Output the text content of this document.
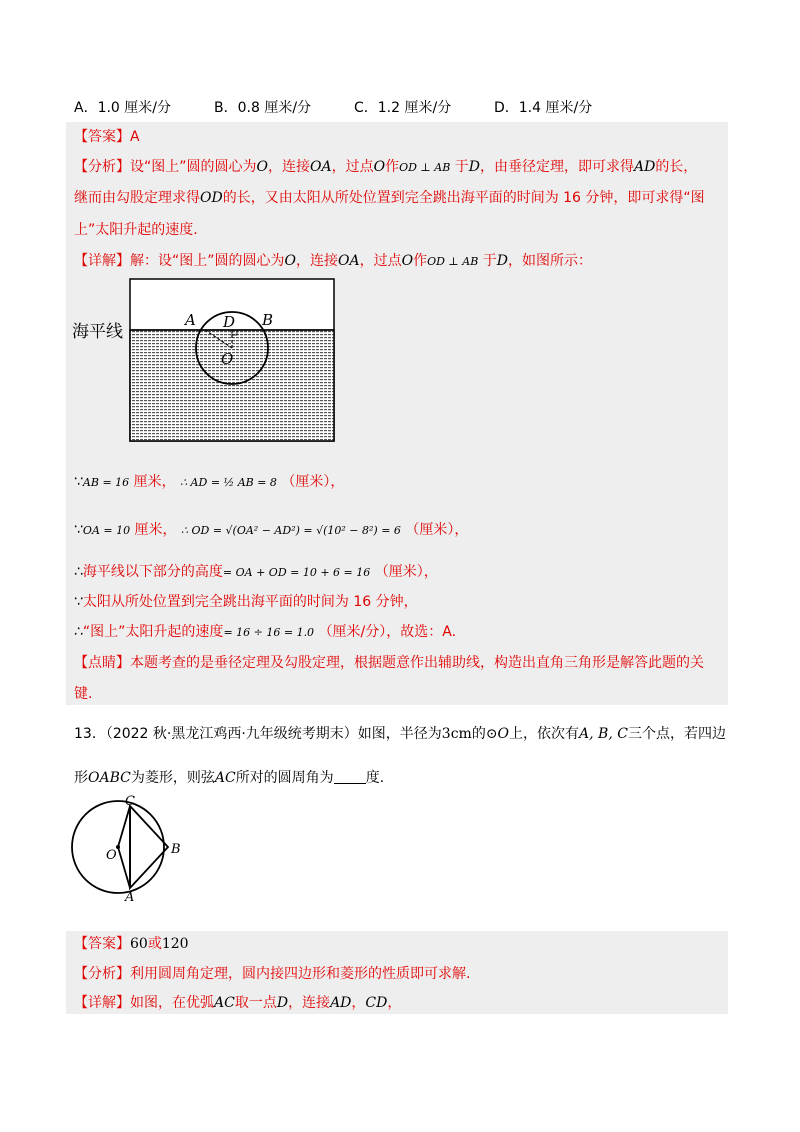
A．1.0 厘米/分	B．0.8 厘米/分	C．1.2 厘米/分	D．1.4 厘米/分
【答案】A
【分析】设“图上”圆的圆心为O，连接OA，过点O作OD ⊥ AB 于D，由垂径定理，即可求得AD的长，
继而由勾股定理求得OD的长，又由太阳从所处位置到完全跳出海平面的时间为 16 分钟，即可求得“图
上”太阳升起的速度.
【详解】解：设“图上”圆的圆心为O，连接OA，过点O作OD ⊥ AB 于D，如图所示：
海平线
A D B
O
∵AB = 16 厘米， ∴ AD = ½ AB = 8 （厘米），
∵OA = 10 厘米， ∴ OD = √(OA² − AD²) = √(10² − 8²) = 6 （厘米），
∴海平线以下部分的高度= OA + OD = 10 + 6 = 16 （厘米），
∵太阳从所处位置到完全跳出海平面的时间为 16 分钟，
∴“图上”太阳升起的速度= 16 ÷ 16 = 1.0 （厘米/分），故选：A.
【点睛】本题考查的是垂径定理及勾股定理，根据题意作出辅助线，构造出直角三角形是解答此题的关
键.
13．（2022 秋·黑龙江鸡西·九年级统考期末）如图，半径为3cm的⊙O上，依次有A, B, C三个点，若四边
形OABC为菱形，则弦AC所对的圆周角为 度.
C
O	B
A
【答案】60或120
【分析】利用圆周角定理，圆内接四边形和菱形的性质即可求解.
【详解】如图，在优弧AC取一点D，连接AD，CD，
